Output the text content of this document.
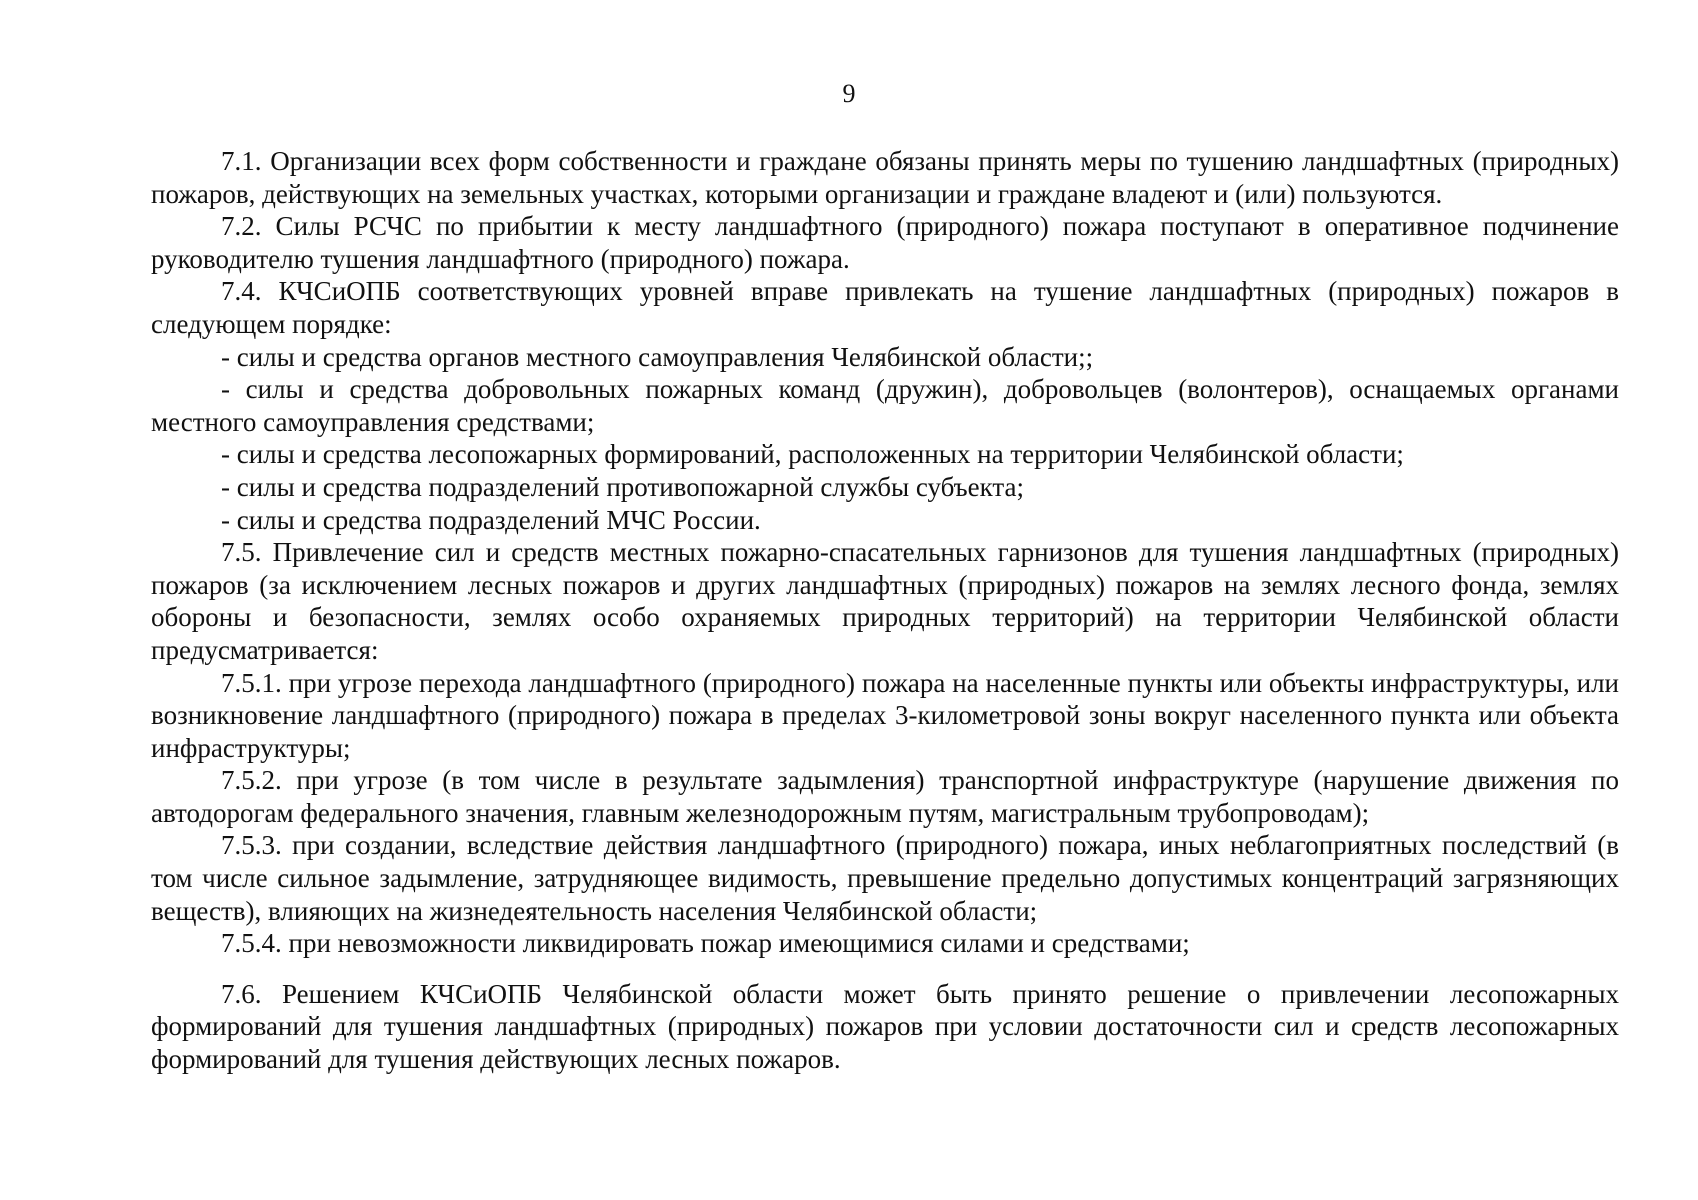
9

7.1. Организации всех форм собственности и граждане обязаны принять меры по тушению ландшафтных (природных) пожаров, действующих на земельных участках, которыми организации и граждане владеют и (или) пользуются.

7.2. Силы РСЧС по прибытии к месту ландшафтного (природного) пожара поступают в оперативное подчинение руководителю тушения ландшафтного (природного) пожара.

7.4. КЧСиОПБ соответствующих уровней вправе привлекать на тушение ландшафтных (природных) пожаров в следующем порядке:

- силы и средства органов местного самоуправления Челябинской области;;

- силы и средства добровольных пожарных команд (дружин), добровольцев (волонтеров), оснащаемых органами местного самоуправления средствами;

- силы и средства лесопожарных формирований, расположенных на территории Челябинской области;

- силы и средства подразделений противопожарной службы субъекта;

- силы и средства подразделений МЧС России.

7.5. Привлечение сил и средств местных пожарно-спасательных гарнизонов для тушения ландшафтных (природных) пожаров (за исключением лесных пожаров и других ландшафтных (природных) пожаров на землях лесного фонда, землях обороны и безопасности, землях особо охраняемых природных территорий) на территории Челябинской области предусматривается:

7.5.1. при угрозе перехода ландшафтного (природного) пожара на населенные пункты или объекты инфраструктуры, или возникновение ландшафтного (природного) пожара в пределах 3-километровой зоны вокруг населенного пункта или объекта инфраструктуры;

7.5.2. при угрозе (в том числе в результате задымления) транспортной инфраструктуре (нарушение движения по автодорогам федерального значения, главным железнодорожным путям, магистральным трубопроводам);

7.5.3. при создании, вследствие действия ландшафтного (природного) пожара, иных неблагоприятных последствий (в том числе сильное задымление, затрудняющее видимость, превышение предельно допустимых концентраций загрязняющих веществ), влияющих на жизнедеятельность населения Челябинской области;

7.5.4. при невозможности ликвидировать пожар имеющимися силами и средствами;

7.6. Решением КЧСиОПБ Челябинской области может быть принято решение о привлечении лесопожарных формирований для тушения ландшафтных (природных) пожаров при условии достаточности сил и средств лесопожарных формирований для тушения действующих лесных пожаров.
